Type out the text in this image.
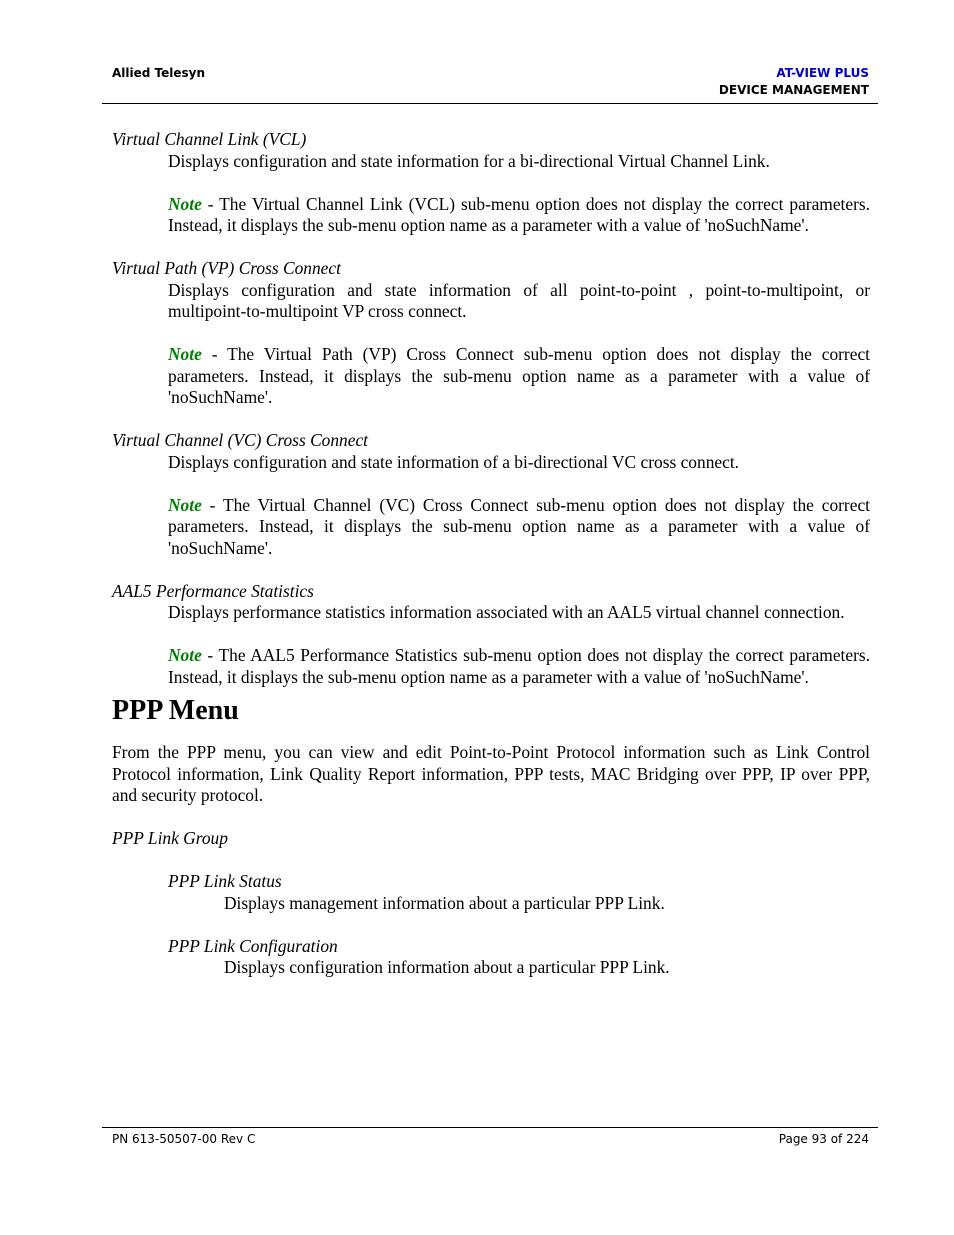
Allied Telesyn	AT-VIEW PLUS
DEVICE MANAGEMENT

Virtual Channel Link (VCL)

Displays configuration and state information for a bi-directional Virtual Channel Link.

Note - The Virtual Channel Link (VCL) sub-menu option does not display the correct parameters. Instead, it displays the sub-menu option name as a parameter with a value of 'noSuchName'.

Virtual Path (VP) Cross Connect

Displays configuration and state information of all point-to-point , point-to-multipoint, or multipoint-to-multipoint VP cross connect.

Note - The Virtual Path (VP) Cross Connect sub-menu option does not display the correct parameters. Instead, it displays the sub-menu option name as a parameter with a value of 'noSuchName'.

Virtual Channel (VC) Cross Connect

Displays configuration and state information of a bi-directional VC cross connect.

Note - The Virtual Channel (VC) Cross Connect sub-menu option does not display the correct parameters. Instead, it displays the sub-menu option name as a parameter with a value of 'noSuchName'.

AAL5 Performance Statistics

Displays performance statistics information associated with an AAL5 virtual channel connection.

Note - The AAL5 Performance Statistics sub-menu option does not display the correct parameters. Instead, it displays the sub-menu option name as a parameter with a value of 'noSuchName'.

PPP Menu

From the PPP menu, you can view and edit Point-to-Point Protocol information such as Link Control Protocol information, Link Quality Report information, PPP tests, MAC Bridging over PPP, IP over PPP, and security protocol.

PPP Link Group

PPP Link Status

Displays management information about a particular PPP Link.

PPP Link Configuration

Displays configuration information about a particular PPP Link.

PN 613-50507-00 Rev C	Page 93 of 224
